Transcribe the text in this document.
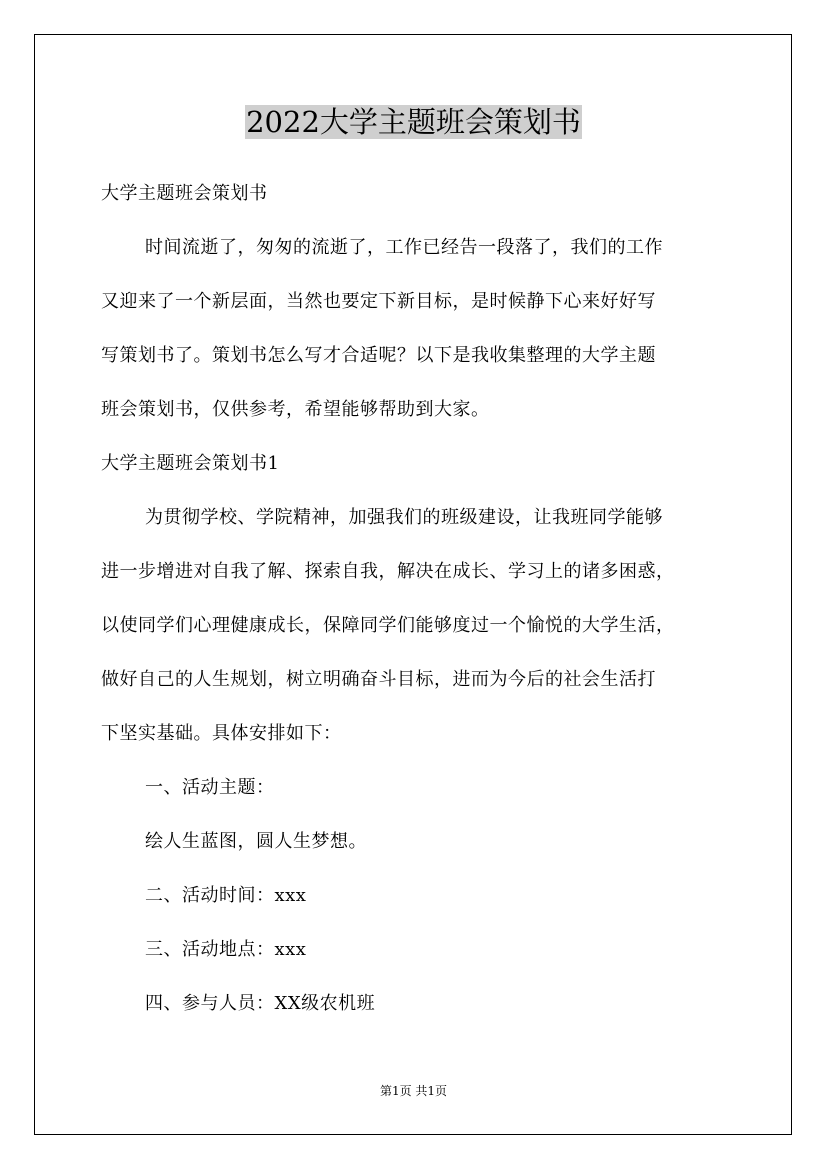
2022大学主题班会策划书
大学主题班会策划书
时间流逝了，匆匆的流逝了，工作已经告一段落了，我们的工作
又迎来了一个新层面，当然也要定下新目标，是时候静下心来好好写
写策划书了。策划书怎么写才合适呢？以下是我收集整理的大学主题
班会策划书，仅供参考，希望能够帮助到大家。
大学主题班会策划书1
为贯彻学校、学院精神，加强我们的班级建设，让我班同学能够
进一步增进对自我了解、探索自我，解决在成长、学习上的诸多困惑，
以使同学们心理健康成长，保障同学们能够度过一个愉悦的大学生活，
做好自己的人生规划，树立明确奋斗目标，进而为今后的社会生活打
下坚实基础。具体安排如下：
一、活动主题：
绘人生蓝图，圆人生梦想。
二、活动时间：xxx
三、活动地点：xxx
四、参与人员：XX级农机班
第1页 共1页
